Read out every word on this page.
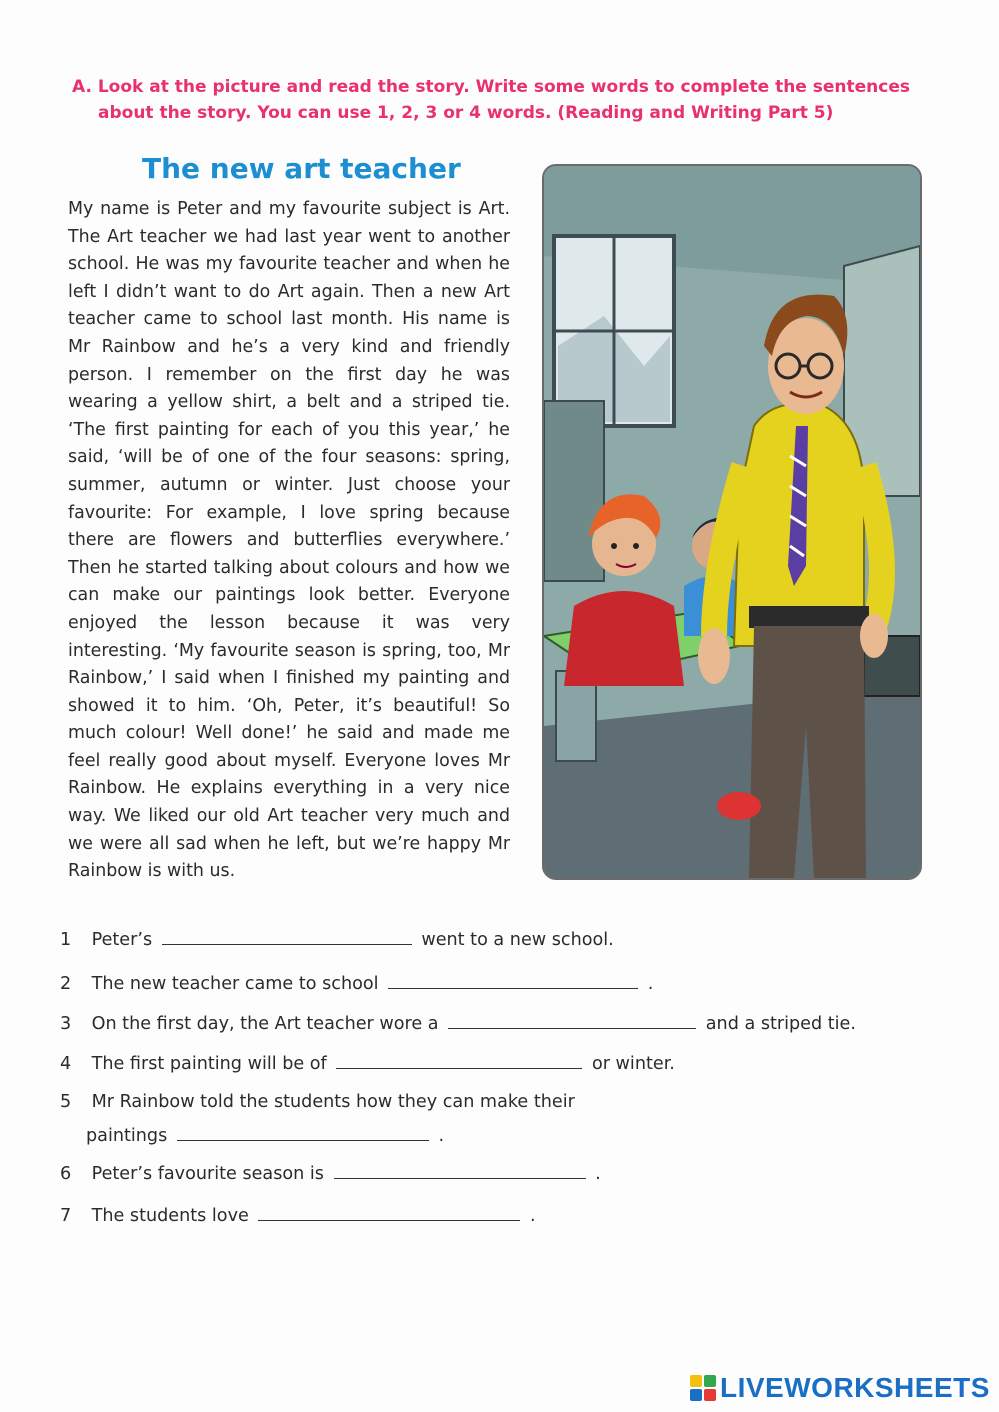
A. Look at the picture and read the story. Write some words to complete the sentences
about the story. You can use 1, 2, 3 or 4 words. (Reading and Writing Part 5)
The new art teacher
My name is Peter and my favourite subject is Art. The Art teacher we had last year went to another school. He was my favourite teacher and when he left I didn’t want to do Art again. Then a new Art teacher came to school last month. His name is Mr Rainbow and he’s a very kind and friendly person. I remember on the first day he was wearing a yellow shirt, a belt and a striped tie. ‘The first painting for each of you this year,’ he said, ‘will be of one of the four seasons: spring, summer, autumn or winter. Just choose your favourite: For example, I love spring because there are flowers and butterflies everywhere.’ Then he started talking about colours and how we can make our paintings look better. Everyone enjoyed the lesson because it was very interesting. ‘My favourite season is spring, too, Mr Rainbow,’ I said when I finished my painting and showed it to him. ‘Oh, Peter, it’s beautiful! So much colour! Well done!’ he said and made me feel really good about myself. Everyone loves Mr Rainbow. He explains everything in a very nice way. We liked our old Art teacher very much and we were all sad when he left, but we’re happy Mr Rainbow is with us.
1 Peter’s	went to a new school.
2 The new teacher came to school	.
3 On the first day, the Art teacher wore a	and a striped tie.
4 The first painting will be of	or winter.
5 Mr Rainbow told the students how they can make their
paintings	.
6 Peter’s favourite season is	.
7 The students love	.
LIVEWORKSHEETS
